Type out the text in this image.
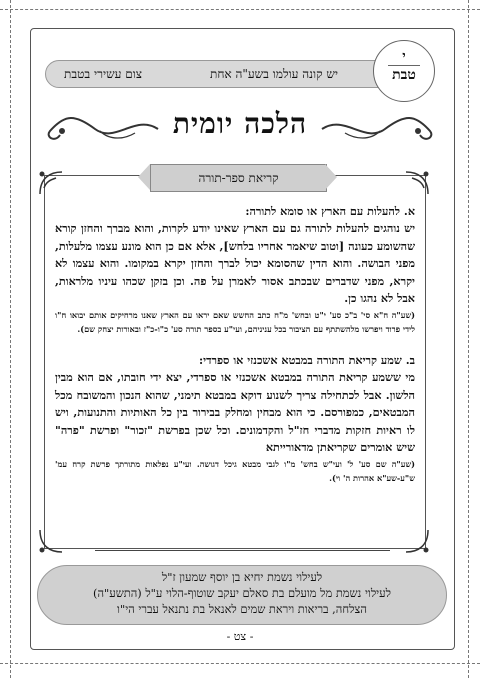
יש קונה עולמו בשע"ה אחת
צום עשירי בטבת
י
טבת
הלכה יומית
קריאת ספר-תורה

א. להעלות עם הארץ או סומא לתורה:

יש נוהגים להעלות לתורה גם עם הארץ שאינו יודע לקרות, והוא מברך והחזן קורא שהשומע כעונה [וטוב שיאמר אחריו בלחש], אלא אם כן הוא מונע עצמו מלעלות, מפני הבושה. והוא הדין שהסומא יכול לברך והחזן יקרא במקומו. והוא עצמו לא יקרא, מפני שדברים שבכתב אסור לאמרן על פה. וכן בזקן שכהו עיניו מלראות, אבל לא נהגו כן.

(שע"ה ח"א סי' ב"כ סע' י"ט ובחש' מ"ח כתב החשש שאם יראו עם הארץ שאנו מרחיקים אותם יבואו ח"ו לידי פרוד ויפרשו מלהשתתף עם הציבור בכל עניניהם, ועי"ע בספר תורה סע' כ"ו-כ"ז ובאורות יצחק שם).

ב. שמע קריאת התורה במבטא אשכנזי או ספרדי:

מי ששמע קריאת התורה במבטא אשכנזי או ספרדי, יצא ידי חובתו, אם הוא מבין הלשון. אבל לכתחילה צריך לשנוע דוקא במבטא תימני, שהוא הנכון והמשובח מכל המבטאים, כמפורסם. כי הוא מבחין ומחלק בבירור בין כל האותיות והתנועות, ויש לו ראיות חזקות מדברי חז"ל והקדמונים. וכל שכן בפרשת "זכור" ופרשת "פרה" שיש אומרים שקריאתן מדאורייתא

(שע"ה שם סע' ל' ועי"ש בחש' מ"ו לגבי מבטא גיכל דגושה. ועי"ע נפלאות מתורתך פרשת קרח עמ' ש"ע-שע"א אהרות ה' וי).

לעילוי נשמת יחיא בן יוסף שמעון ז"ל
לעילוי נשמת מל מועלם בת סאלם יעקב שוטוף-הלוי ע"ל (התשע"ה)
הצלחה, בריאות ויראת שמים לאנאל בת נתנאל עברי הי"ו
- צט -
